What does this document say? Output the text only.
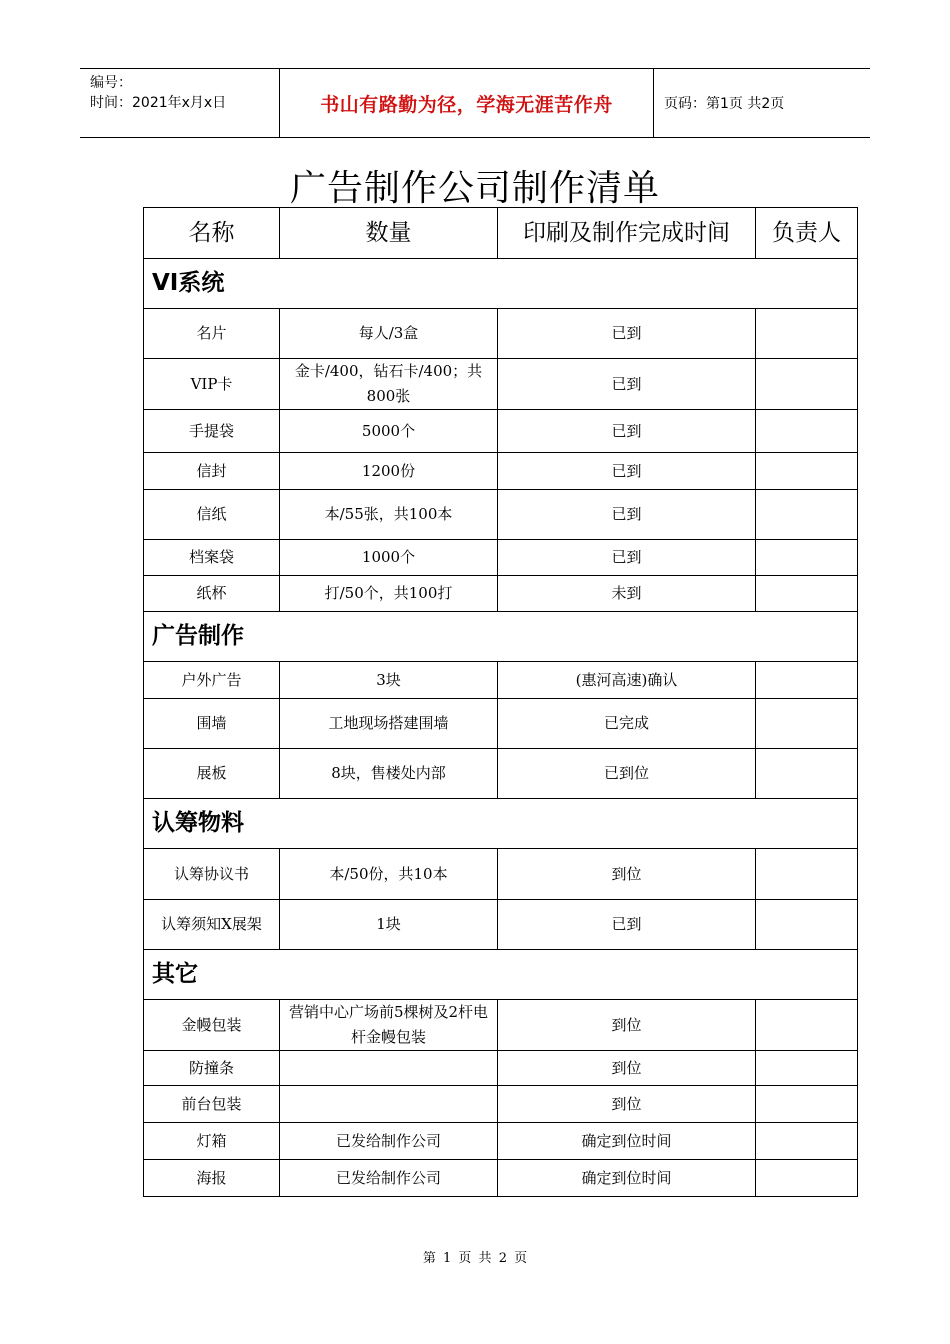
编号：
时间：2021年x月x日	书山有路勤为径，学海无涯苦作舟	页码：第1页 共2页
广告制作公司制作清单
名称	数量	印刷及制作完成时间	负责人
VI系统			
名片	每人/3盒	已到	
VIP卡	金卡/400，钻石卡/400；共800张	已到	
手提袋	5000个	已到	
信封	1200份	已到	
信纸	本/55张，共100本	已到	
档案袋	1000个	已到	
纸杯	打/50个，共100打	未到	
广告制作			
户外广告	3块	(惠河高速)确认	
围墙	工地现场搭建围墙	已完成	
展板	8块，售楼处内部	已到位	
认筹物料			
认筹协议书	本/50份，共10本	到位	
认筹须知X展架	1块	已到	
其它			
金幔包装	营销中心广场前5棵树及2杆电杆金幔包装	到位	
防撞条		到位	
前台包装		到位	
灯箱	已发给制作公司	确定到位时间	
海报	已发给制作公司	确定到位时间	
第 1 页 共 2 页
